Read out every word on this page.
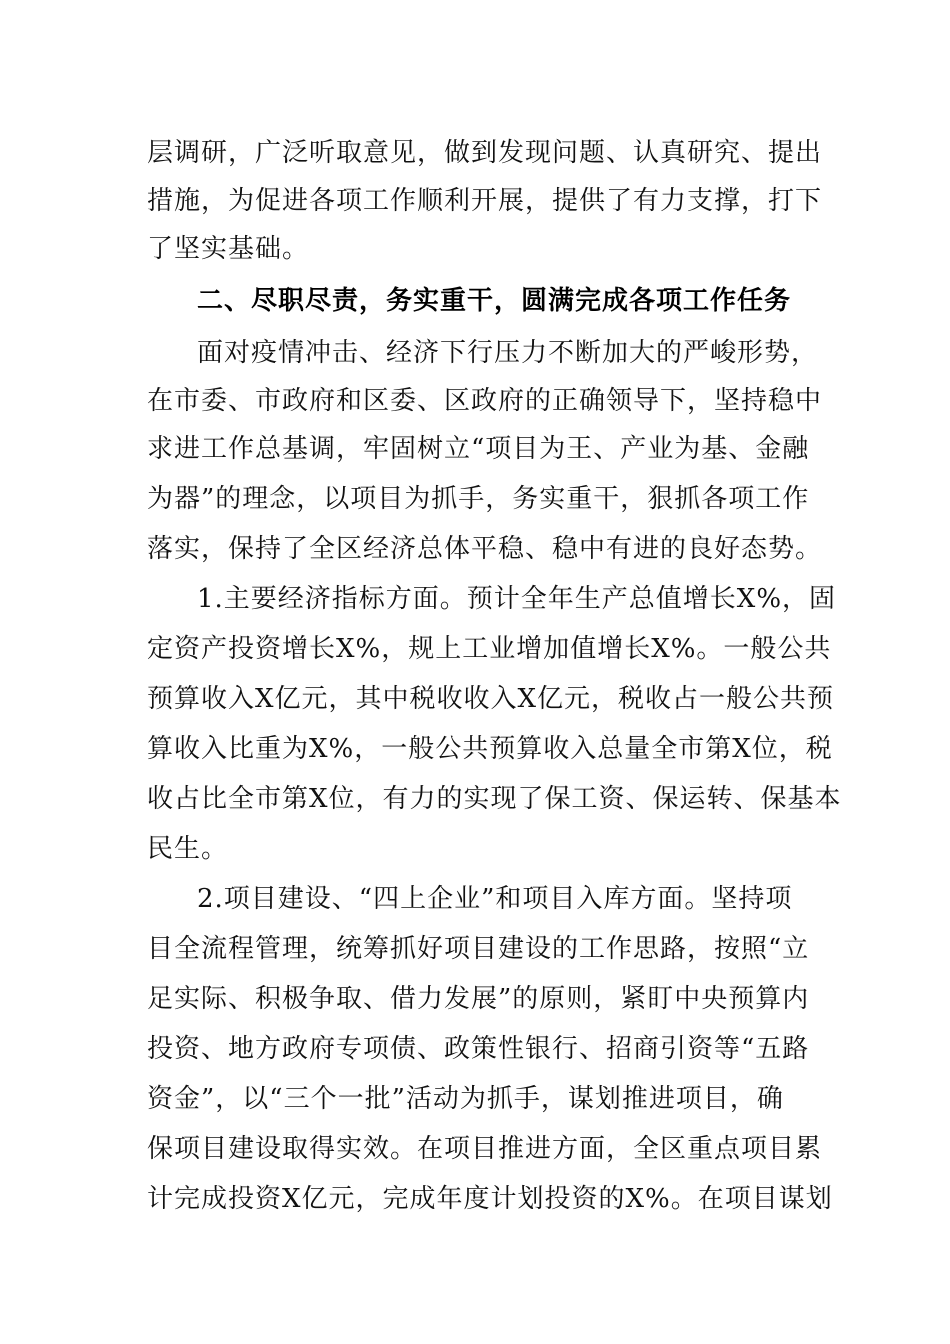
层调研，广泛听取意见，做到发现问题、认真研究、提出
措施，为促进各项工作顺利开展，提供了有力支撑，打下
了坚实基础。
二、尽职尽责，务实重干，圆满完成各项工作任务
面对疫情冲击、经济下行压力不断加大的严峻形势，
在市委、市政府和区委、区政府的正确领导下，坚持稳中
求进工作总基调，牢固树立“项目为王、产业为基、金融
为器”的理念，以项目为抓手，务实重干，狠抓各项工作
落实，保持了全区经济总体平稳、稳中有进的良好态势。
1.主要经济指标方面。预计全年生产总值增长X%，固
定资产投资增长X%，规上工业增加值增长X%。一般公共
预算收入X亿元，其中税收收入X亿元，税收占一般公共预
算收入比重为X%，一般公共预算收入总量全市第X位，税
收占比全市第X位，有力的实现了保工资、保运转、保基本
民生。
2.项目建设、“四上企业”和项目入库方面。坚持项
目全流程管理，统筹抓好项目建设的工作思路，按照“立
足实际、积极争取、借力发展”的原则，紧盯中央预算内
投资、地方政府专项债、政策性银行、招商引资等“五路
资金”，以“三个一批”活动为抓手，谋划推进项目，确
保项目建设取得实效。在项目推进方面，全区重点项目累
计完成投资X亿元，完成年度计划投资的X%。在项目谋划
